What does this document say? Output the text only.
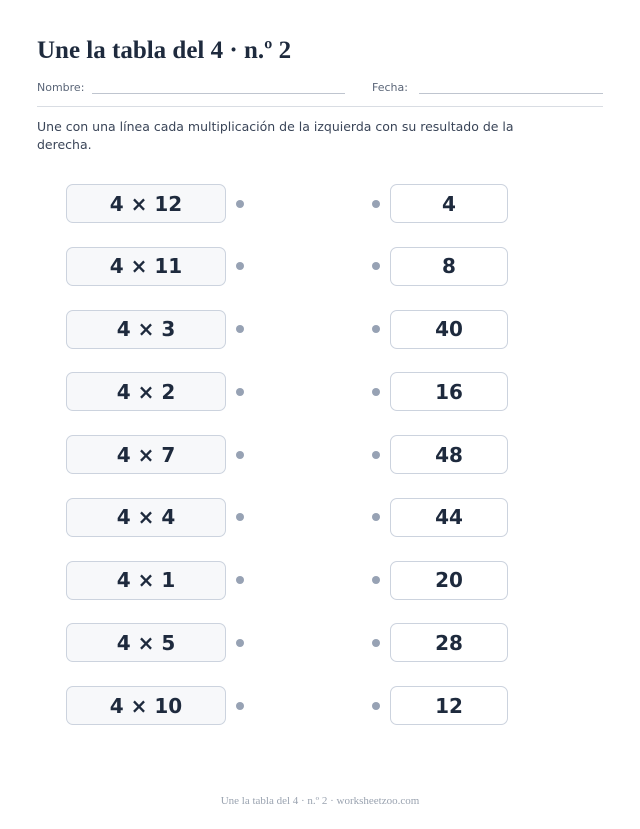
Une la tabla del 4 · n.º 2
Nombre:	Fecha:

Une con una línea cada multiplicación de la izquierda con su resultado de la derecha.

4 × 12	4
4 × 11	8
4 × 3	40
4 × 2	16
4 × 7	48
4 × 4	44
4 × 1	20
4 × 5	28
4 × 10	12
Une la tabla del 4 · n.º 2 · worksheetzoo.com
